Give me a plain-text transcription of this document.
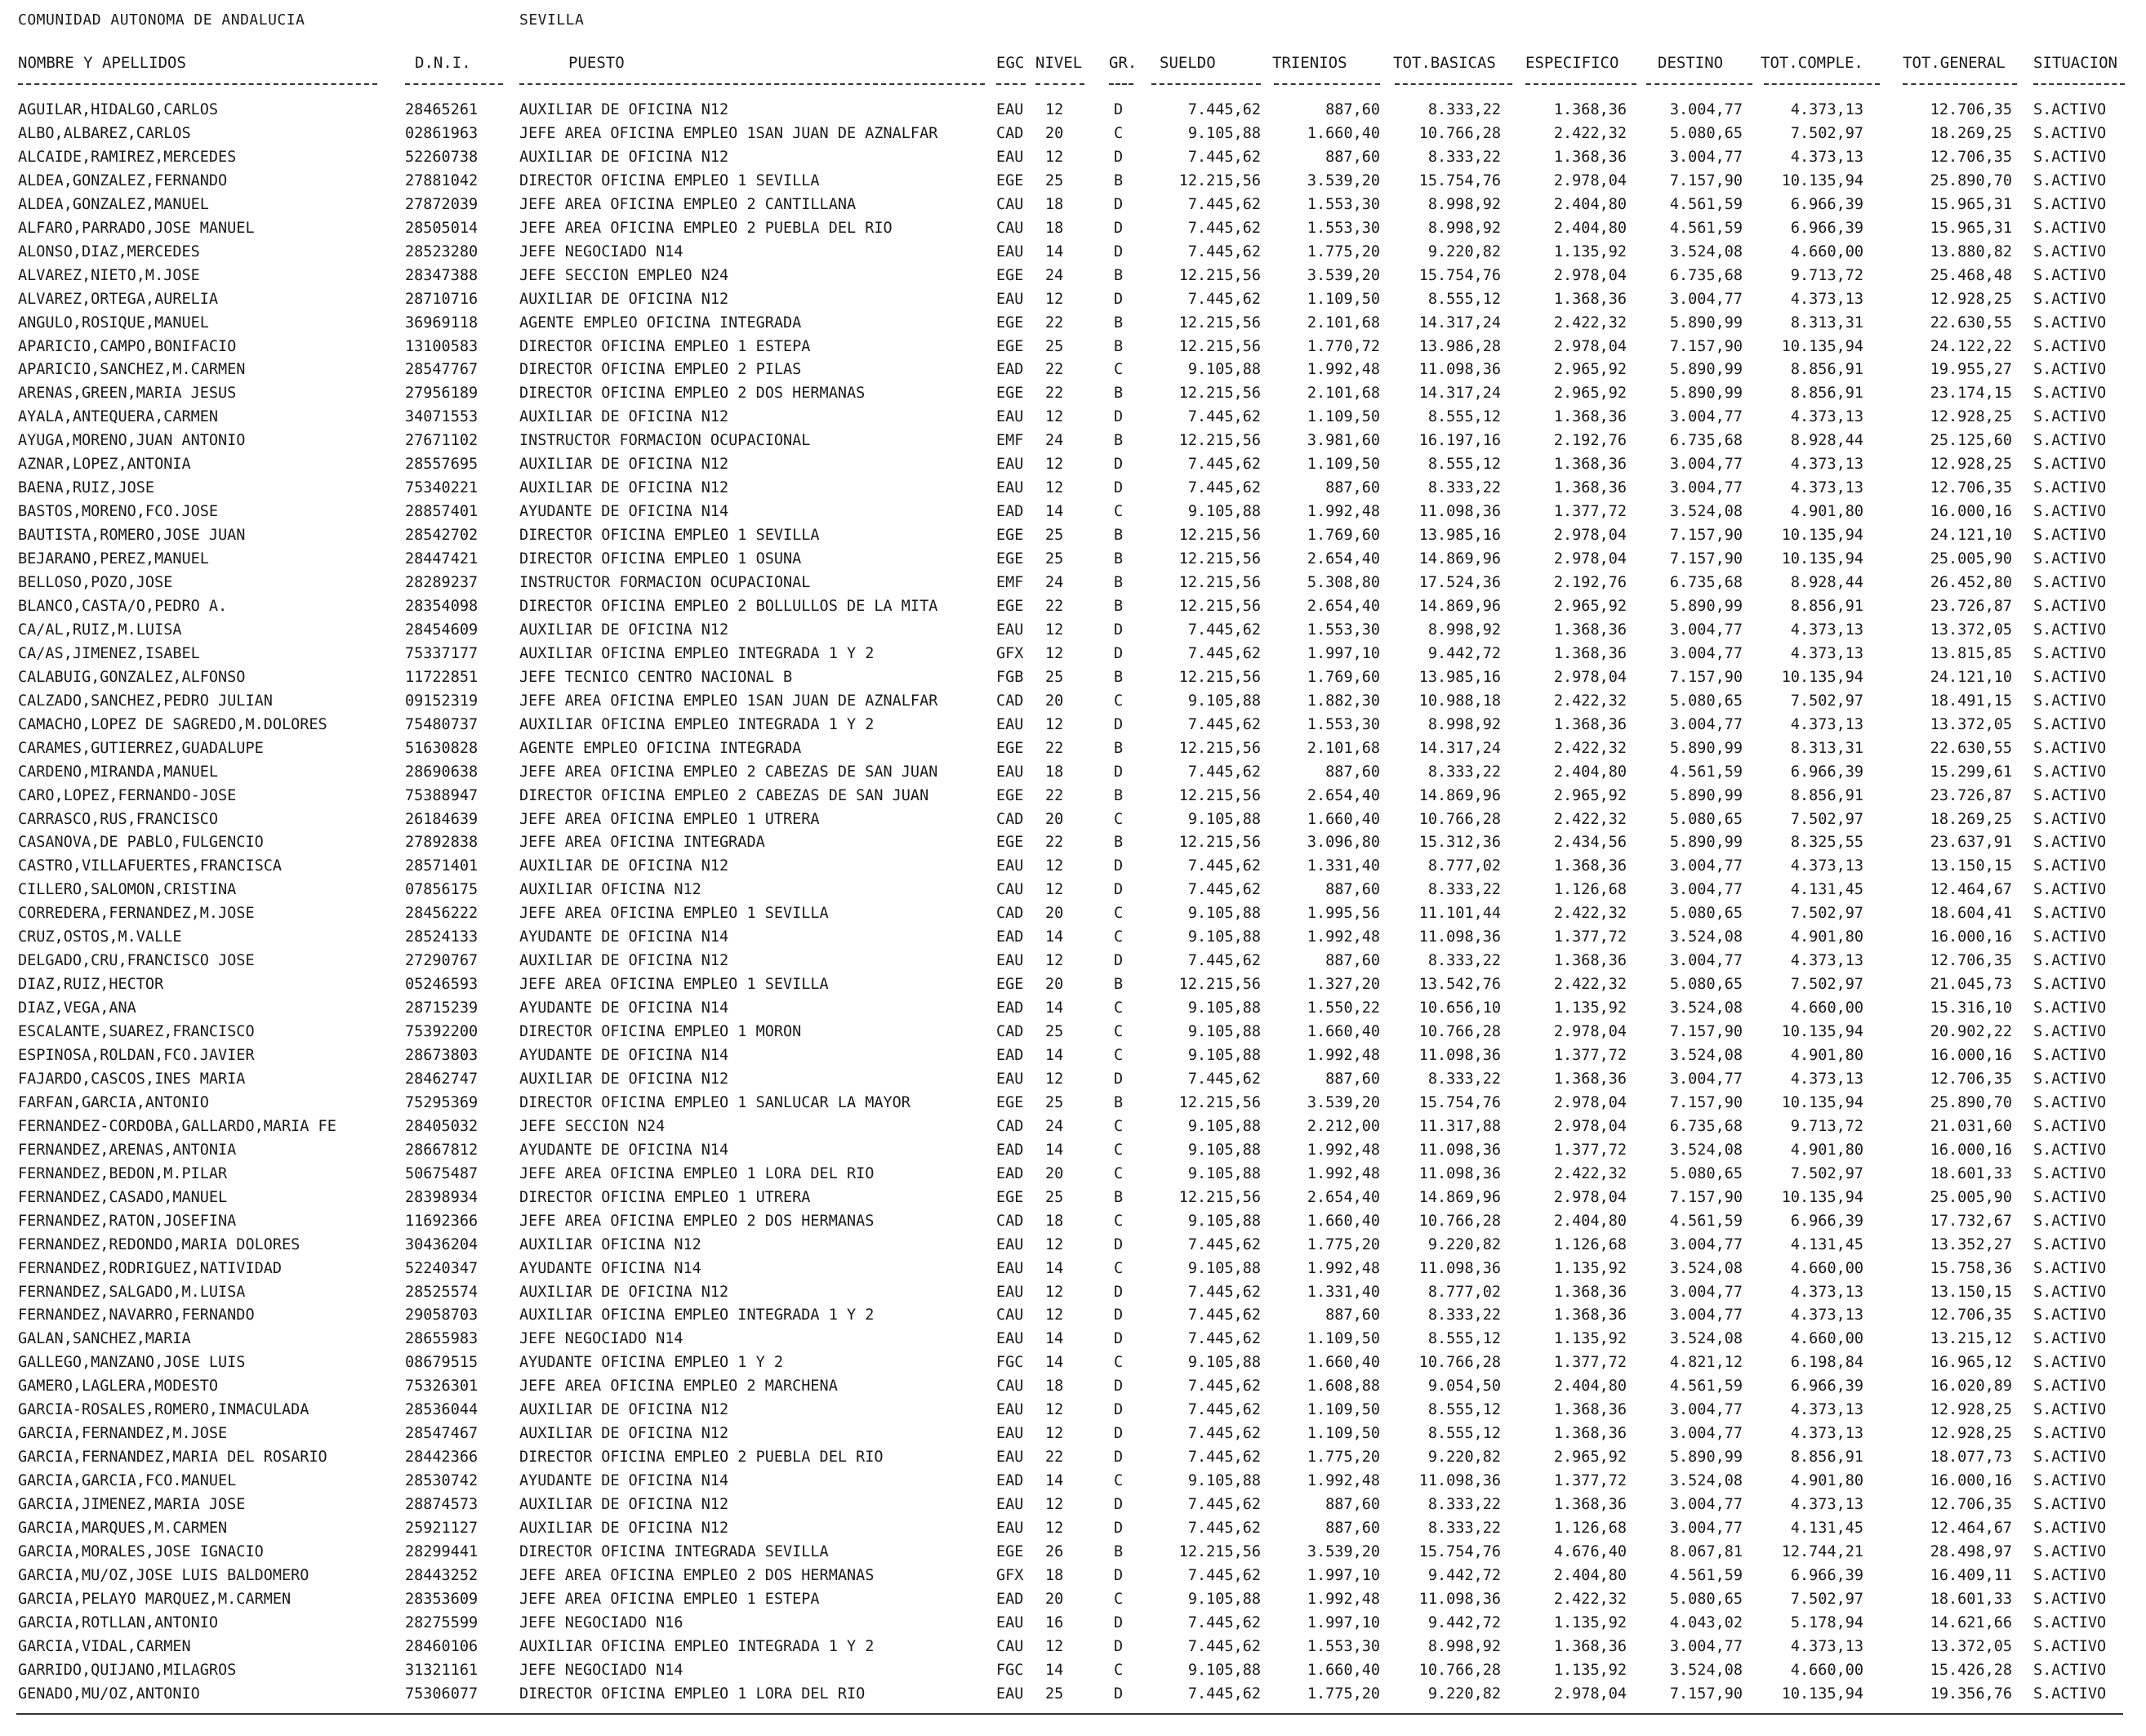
COMUNIDAD AUTONOMA DE ANDALUCIA	SEVILLA
NOMBRE Y APELLIDOS	D.N.I.	PUESTO	EGC NIVEL GR. SUELDO	TRIENIOS	TOT.BASICAS ESPECIFICO	DESTINO TOT.COMPLE.	TOT.GENERAL SITUACION
AGUILAR,HIDALGO,CARLOS	28465261	AUXILIAR DE OFICINA N12	EAU 12	D	7.445,62	887,60	8.333,22	1.368,36	3.004,77	4.373,13	12.706,35 S.ACTIVO
ALBO,ALBAREZ,CARLOS	02861963	JEFE AREA OFICINA EMPLEO 1SAN JUAN DE AZNALFAR	CAD 20	C	9.105,88	1.660,40	10.766,28	2.422,32	5.080,65	7.502,97	18.269,25 S.ACTIVO
ALCAIDE,RAMIREZ,MERCEDES	52260738	AUXILIAR DE OFICINA N12	EAU 12	D	7.445,62	887,60	8.333,22	1.368,36	3.004,77	4.373,13	12.706,35 S.ACTIVO
ALDEA,GONZALEZ,FERNANDO	27881042	DIRECTOR OFICINA EMPLEO 1 SEVILLA	EGE 25	B	12.215,56	3.539,20	15.754,76	2.978,04	7.157,90	10.135,94	25.890,70 S.ACTIVO
ALDEA,GONZALEZ,MANUEL	27872039	JEFE AREA OFICINA EMPLEO 2 CANTILLANA	CAU 18	D	7.445,62	1.553,30	8.998,92	2.404,80	4.561,59	6.966,39	15.965,31 S.ACTIVO
ALFARO,PARRADO,JOSE MANUEL	28505014	JEFE AREA OFICINA EMPLEO 2 PUEBLA DEL RIO	CAU 18	D	7.445,62	1.553,30	8.998,92	2.404,80	4.561,59	6.966,39	15.965,31 S.ACTIVO
ALONSO,DIAZ,MERCEDES	28523280	JEFE NEGOCIADO N14	EAU 14	D	7.445,62	1.775,20	9.220,82	1.135,92	3.524,08	4.660,00	13.880,82 S.ACTIVO
ALVAREZ,NIETO,M.JOSE	28347388	JEFE SECCION EMPLEO N24	EGE 24	B	12.215,56	3.539,20	15.754,76	2.978,04	6.735,68	9.713,72	25.468,48 S.ACTIVO
ALVAREZ,ORTEGA,AURELIA	28710716	AUXILIAR DE OFICINA N12	EAU 12	D	7.445,62	1.109,50	8.555,12	1.368,36	3.004,77	4.373,13	12.928,25 S.ACTIVO
ANGULO,ROSIQUE,MANUEL	36969118	AGENTE EMPLEO OFICINA INTEGRADA	EGE 22	B	12.215,56	2.101,68	14.317,24	2.422,32	5.890,99	8.313,31	22.630,55 S.ACTIVO
APARICIO,CAMPO,BONIFACIO	13100583	DIRECTOR OFICINA EMPLEO 1 ESTEPA	EGE 25	B	12.215,56	1.770,72	13.986,28	2.978,04	7.157,90	10.135,94	24.122,22 S.ACTIVO
APARICIO,SANCHEZ,M.CARMEN	28547767	DIRECTOR OFICINA EMPLEO 2 PILAS	EAD 22	C	9.105,88	1.992,48	11.098,36	2.965,92	5.890,99	8.856,91	19.955,27 S.ACTIVO
ARENAS,GREEN,MARIA JESUS	27956189	DIRECTOR OFICINA EMPLEO 2 DOS HERMANAS	EGE 22	B	12.215,56	2.101,68	14.317,24	2.965,92	5.890,99	8.856,91	23.174,15 S.ACTIVO
AYALA,ANTEQUERA,CARMEN	34071553	AUXILIAR DE OFICINA N12	EAU 12	D	7.445,62	1.109,50	8.555,12	1.368,36	3.004,77	4.373,13	12.928,25 S.ACTIVO
AYUGA,MORENO,JUAN ANTONIO	27671102	INSTRUCTOR FORMACION OCUPACIONAL	EMF 24	B	12.215,56	3.981,60	16.197,16	2.192,76	6.735,68	8.928,44	25.125,60 S.ACTIVO
AZNAR,LOPEZ,ANTONIA	28557695	AUXILIAR DE OFICINA N12	EAU 12	D	7.445,62	1.109,50	8.555,12	1.368,36	3.004,77	4.373,13	12.928,25 S.ACTIVO
BAENA,RUIZ,JOSE	75340221	AUXILIAR DE OFICINA N12	EAU 12	D	7.445,62	887,60	8.333,22	1.368,36	3.004,77	4.373,13	12.706,35 S.ACTIVO
BASTOS,MORENO,FCO.JOSE	28857401	AYUDANTE DE OFICINA N14	EAD 14	C	9.105,88	1.992,48	11.098,36	1.377,72	3.524,08	4.901,80	16.000,16 S.ACTIVO
BAUTISTA,ROMERO,JOSE JUAN	28542702	DIRECTOR OFICINA EMPLEO 1 SEVILLA	EGE 25	B	12.215,56	1.769,60	13.985,16	2.978,04	7.157,90	10.135,94	24.121,10 S.ACTIVO
BEJARANO,PEREZ,MANUEL	28447421	DIRECTOR OFICINA EMPLEO 1 OSUNA	EGE 25	B	12.215,56	2.654,40	14.869,96	2.978,04	7.157,90	10.135,94	25.005,90 S.ACTIVO
BELLOSO,POZO,JOSE	28289237	INSTRUCTOR FORMACION OCUPACIONAL	EMF 24	B	12.215,56	5.308,80	17.524,36	2.192,76	6.735,68	8.928,44	26.452,80 S.ACTIVO
BLANCO,CASTA/O,PEDRO A.	28354098	DIRECTOR OFICINA EMPLEO 2 BOLLULLOS DE LA MITA	EGE 22	B	12.215,56	2.654,40	14.869,96	2.965,92	5.890,99	8.856,91	23.726,87 S.ACTIVO
CA/AL,RUIZ,M.LUISA	28454609	AUXILIAR DE OFICINA N12	EAU 12	D	7.445,62	1.553,30	8.998,92	1.368,36	3.004,77	4.373,13	13.372,05 S.ACTIVO
CA/AS,JIMENEZ,ISABEL	75337177	AUXILIAR OFICINA EMPLEO INTEGRADA 1 Y 2	GFX 12	D	7.445,62	1.997,10	9.442,72	1.368,36	3.004,77	4.373,13	13.815,85 S.ACTIVO
CALABUIG,GONZALEZ,ALFONSO	11722851	JEFE TECNICO CENTRO NACIONAL B	FGB 25	B	12.215,56	1.769,60	13.985,16	2.978,04	7.157,90	10.135,94	24.121,10 S.ACTIVO
CALZADO,SANCHEZ,PEDRO JULIAN	09152319	JEFE AREA OFICINA EMPLEO 1SAN JUAN DE AZNALFAR	CAD 20	C	9.105,88	1.882,30	10.988,18	2.422,32	5.080,65	7.502,97	18.491,15 S.ACTIVO
CAMACHO,LOPEZ DE SAGREDO,M.DOLORES	75480737	AUXILIAR OFICINA EMPLEO INTEGRADA 1 Y 2	EAU 12	D	7.445,62	1.553,30	8.998,92	1.368,36	3.004,77	4.373,13	13.372,05 S.ACTIVO
CARAMES,GUTIERREZ,GUADALUPE	51630828	AGENTE EMPLEO OFICINA INTEGRADA	EGE 22	B	12.215,56	2.101,68	14.317,24	2.422,32	5.890,99	8.313,31	22.630,55 S.ACTIVO
CARDENO,MIRANDA,MANUEL	28690638	JEFE AREA OFICINA EMPLEO 2 CABEZAS DE SAN JUAN	EAU 18	D	7.445,62	887,60	8.333,22	2.404,80	4.561,59	6.966,39	15.299,61 S.ACTIVO
CARO,LOPEZ,FERNANDO-JOSE	75388947	DIRECTOR OFICINA EMPLEO 2 CABEZAS DE SAN JUAN	EGE 22	B	12.215,56	2.654,40	14.869,96	2.965,92	5.890,99	8.856,91	23.726,87 S.ACTIVO
CARRASCO,RUS,FRANCISCO	26184639	JEFE AREA OFICINA EMPLEO 1 UTRERA	CAD 20	C	9.105,88	1.660,40	10.766,28	2.422,32	5.080,65	7.502,97	18.269,25 S.ACTIVO
CASANOVA,DE PABLO,FULGENCIO	27892838	JEFE AREA OFICINA INTEGRADA	EGE 22	B	12.215,56	3.096,80	15.312,36	2.434,56	5.890,99	8.325,55	23.637,91 S.ACTIVO
CASTRO,VILLAFUERTES,FRANCISCA	28571401	AUXILIAR DE OFICINA N12	EAU 12	D	7.445,62	1.331,40	8.777,02	1.368,36	3.004,77	4.373,13	13.150,15 S.ACTIVO
CILLERO,SALOMON,CRISTINA	07856175	AUXILIAR OFICINA N12	CAU 12	D	7.445,62	887,60	8.333,22	1.126,68	3.004,77	4.131,45	12.464,67 S.ACTIVO
CORREDERA,FERNANDEZ,M.JOSE	28456222	JEFE AREA OFICINA EMPLEO 1 SEVILLA	CAD 20	C	9.105,88	1.995,56	11.101,44	2.422,32	5.080,65	7.502,97	18.604,41 S.ACTIVO
CRUZ,OSTOS,M.VALLE	28524133	AYUDANTE DE OFICINA N14	EAD 14	C	9.105,88	1.992,48	11.098,36	1.377,72	3.524,08	4.901,80	16.000,16 S.ACTIVO
DELGADO,CRU,FRANCISCO JOSE	27290767	AUXILIAR DE OFICINA N12	EAU 12	D	7.445,62	887,60	8.333,22	1.368,36	3.004,77	4.373,13	12.706,35 S.ACTIVO
DIAZ,RUIZ,HECTOR	05246593	JEFE AREA OFICINA EMPLEO 1 SEVILLA	EGE 20	B	12.215,56	1.327,20	13.542,76	2.422,32	5.080,65	7.502,97	21.045,73 S.ACTIVO
DIAZ,VEGA,ANA	28715239	AYUDANTE DE OFICINA N14	EAD 14	C	9.105,88	1.550,22	10.656,10	1.135,92	3.524,08	4.660,00	15.316,10 S.ACTIVO
ESCALANTE,SUAREZ,FRANCISCO	75392200	DIRECTOR OFICINA EMPLEO 1 MORON	CAD 25	C	9.105,88	1.660,40	10.766,28	2.978,04	7.157,90	10.135,94	20.902,22 S.ACTIVO
ESPINOSA,ROLDAN,FCO.JAVIER	28673803	AYUDANTE DE OFICINA N14	EAD 14	C	9.105,88	1.992,48	11.098,36	1.377,72	3.524,08	4.901,80	16.000,16 S.ACTIVO
FAJARDO,CASCOS,INES MARIA	28462747	AUXILIAR DE OFICINA N12	EAU 12	D	7.445,62	887,60	8.333,22	1.368,36	3.004,77	4.373,13	12.706,35 S.ACTIVO
FARFAN,GARCIA,ANTONIO	75295369	DIRECTOR OFICINA EMPLEO 1 SANLUCAR LA MAYOR	EGE 25	B	12.215,56	3.539,20	15.754,76	2.978,04	7.157,90	10.135,94	25.890,70 S.ACTIVO
FERNANDEZ-CORDOBA,GALLARDO,MARIA FE	28405032	JEFE SECCION N24	CAD 24	C	9.105,88	2.212,00	11.317,88	2.978,04	6.735,68	9.713,72	21.031,60 S.ACTIVO
FERNANDEZ,ARENAS,ANTONIA	28667812	AYUDANTE DE OFICINA N14	EAD 14	C	9.105,88	1.992,48	11.098,36	1.377,72	3.524,08	4.901,80	16.000,16 S.ACTIVO
FERNANDEZ,BEDON,M.PILAR	50675487	JEFE AREA OFICINA EMPLEO 1 LORA DEL RIO	EAD 20	C	9.105,88	1.992,48	11.098,36	2.422,32	5.080,65	7.502,97	18.601,33 S.ACTIVO
FERNANDEZ,CASADO,MANUEL	28398934	DIRECTOR OFICINA EMPLEO 1 UTRERA	EGE 25	B	12.215,56	2.654,40	14.869,96	2.978,04	7.157,90	10.135,94	25.005,90 S.ACTIVO
FERNANDEZ,RATON,JOSEFINA	11692366	JEFE AREA OFICINA EMPLEO 2 DOS HERMANAS	CAD 18	C	9.105,88	1.660,40	10.766,28	2.404,80	4.561,59	6.966,39	17.732,67 S.ACTIVO
FERNANDEZ,REDONDO,MARIA DOLORES	30436204	AUXILIAR OFICINA N12	EAU 12	D	7.445,62	1.775,20	9.220,82	1.126,68	3.004,77	4.131,45	13.352,27 S.ACTIVO
FERNANDEZ,RODRIGUEZ,NATIVIDAD	52240347	AYUDANTE OFICINA N14	EAU 14	C	9.105,88	1.992,48	11.098,36	1.135,92	3.524,08	4.660,00	15.758,36 S.ACTIVO
FERNANDEZ,SALGADO,M.LUISA	28525574	AUXILIAR DE OFICINA N12	EAU 12	D	7.445,62	1.331,40	8.777,02	1.368,36	3.004,77	4.373,13	13.150,15 S.ACTIVO
FERNANDEZ,NAVARRO,FERNANDO	29058703	AUXILIAR OFICINA EMPLEO INTEGRADA 1 Y 2	CAU 12	D	7.445,62	887,60	8.333,22	1.368,36	3.004,77	4.373,13	12.706,35 S.ACTIVO
GALAN,SANCHEZ,MARIA	28655983	JEFE NEGOCIADO N14	EAU 14	D	7.445,62	1.109,50	8.555,12	1.135,92	3.524,08	4.660,00	13.215,12 S.ACTIVO
GALLEGO,MANZANO,JOSE LUIS	08679515	AYUDANTE OFICINA EMPLEO 1 Y 2	FGC 14	C	9.105,88	1.660,40	10.766,28	1.377,72	4.821,12	6.198,84	16.965,12 S.ACTIVO
GAMERO,LAGLERA,MODESTO	75326301	JEFE AREA OFICINA EMPLEO 2 MARCHENA	CAU 18	D	7.445,62	1.608,88	9.054,50	2.404,80	4.561,59	6.966,39	16.020,89 S.ACTIVO
GARCIA-ROSALES,ROMERO,INMACULADA	28536044	AUXILIAR DE OFICINA N12	EAU 12	D	7.445,62	1.109,50	8.555,12	1.368,36	3.004,77	4.373,13	12.928,25 S.ACTIVO
GARCIA,FERNANDEZ,M.JOSE	28547467	AUXILIAR DE OFICINA N12	EAU 12	D	7.445,62	1.109,50	8.555,12	1.368,36	3.004,77	4.373,13	12.928,25 S.ACTIVO
GARCIA,FERNANDEZ,MARIA DEL ROSARIO	28442366	DIRECTOR OFICINA EMPLEO 2 PUEBLA DEL RIO	EAU 22	D	7.445,62	1.775,20	9.220,82	2.965,92	5.890,99	8.856,91	18.077,73 S.ACTIVO
GARCIA,GARCIA,FCO.MANUEL	28530742	AYUDANTE DE OFICINA N14	EAD 14	C	9.105,88	1.992,48	11.098,36	1.377,72	3.524,08	4.901,80	16.000,16 S.ACTIVO
GARCIA,JIMENEZ,MARIA JOSE	28874573	AUXILIAR DE OFICINA N12	EAU 12	D	7.445,62	887,60	8.333,22	1.368,36	3.004,77	4.373,13	12.706,35 S.ACTIVO
GARCIA,MARQUES,M.CARMEN	25921127	AUXILIAR DE OFICINA N12	EAU 12	D	7.445,62	887,60	8.333,22	1.126,68	3.004,77	4.131,45	12.464,67 S.ACTIVO
GARCIA,MORALES,JOSE IGNACIO	28299441	DIRECTOR OFICINA INTEGRADA SEVILLA	EGE 26	B	12.215,56	3.539,20	15.754,76	4.676,40	8.067,81	12.744,21	28.498,97 S.ACTIVO
GARCIA,MU/OZ,JOSE LUIS BALDOMERO	28443252	JEFE AREA OFICINA EMPLEO 2 DOS HERMANAS	GFX 18	D	7.445,62	1.997,10	9.442,72	2.404,80	4.561,59	6.966,39	16.409,11 S.ACTIVO
GARCIA,PELAYO MARQUEZ,M.CARMEN	28353609	JEFE AREA OFICINA EMPLEO 1 ESTEPA	EAD 20	C	9.105,88	1.992,48	11.098,36	2.422,32	5.080,65	7.502,97	18.601,33 S.ACTIVO
GARCIA,ROTLLAN,ANTONIO	28275599	JEFE NEGOCIADO N16	EAU 16	D	7.445,62	1.997,10	9.442,72	1.135,92	4.043,02	5.178,94	14.621,66 S.ACTIVO
GARCIA,VIDAL,CARMEN	28460106	AUXILIAR OFICINA EMPLEO INTEGRADA 1 Y 2	CAU 12	D	7.445,62	1.553,30	8.998,92	1.368,36	3.004,77	4.373,13	13.372,05 S.ACTIVO
GARRIDO,QUIJANO,MILAGROS	31321161	JEFE NEGOCIADO N14	FGC 14	C	9.105,88	1.660,40	10.766,28	1.135,92	3.524,08	4.660,00	15.426,28 S.ACTIVO
GENADO,MU/OZ,ANTONIO	75306077	DIRECTOR OFICINA EMPLEO 1 LORA DEL RIO	EAU 25	D	7.445,62	1.775,20	9.220,82	2.978,04	7.157,90	10.135,94	19.356,76 S.ACTIVO
